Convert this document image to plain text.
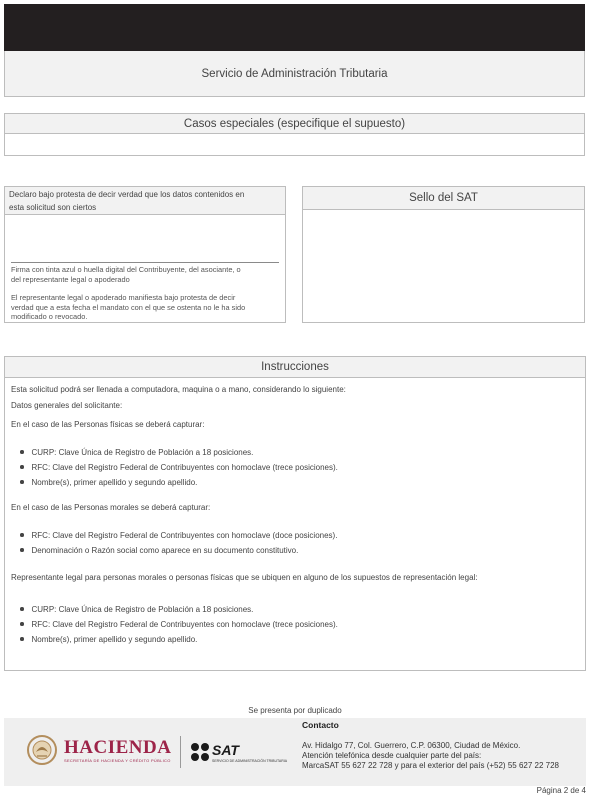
Servicio de Administración Tributaria
Casos especiales (especifique el supuesto)
Declaro bajo protesta de decir verdad que los datos contenidos en
esta solicitud son ciertos
Firma con tinta azul o huella digital del Contribuyente, del asociante, o
del representante legal o apoderado
El representante legal o apoderado manifiesta bajo protesta de decir
verdad que a esta fecha el mandato con el que se ostenta no le ha sido
modificado o revocado.
Sello del SAT
Instrucciones
Esta solicitud podrá ser llenada a computadora, maquina o a mano, considerando lo siguiente:
Datos generales del solicitante:
En el caso de las Personas físicas se deberá capturar:
CURP: Clave Única de Registro de Población a 18 posiciones.
RFC: Clave del Registro Federal de Contribuyentes con homoclave (trece posiciones).
Nombre(s), primer apellido y segundo apellido.
En el caso de las Personas morales se deberá capturar:
RFC: Clave del Registro Federal de Contribuyentes con homoclave (doce posiciones).
Denominación o Razón social como aparece en su documento constitutivo.
Representante legal para personas morales o personas físicas que se ubiquen en alguno de los supuestos de representación legal:
CURP: Clave Única de Registro de Población a 18 posiciones.
RFC: Clave del Registro Federal de Contribuyentes con homoclave (trece posiciones).
Nombre(s), primer apellido y segundo apellido.
Se presenta por duplicado
HACIENDA
SECRETARÍA DE HACIENDA Y CRÉDITO PÚBLICO
SAT
SERVICIO DE ADMINISTRACIÓN TRIBUTARIA
Contacto
Av. Hidalgo 77, Col. Guerrero, C.P. 06300, Ciudad de México.
Atención telefónica desde cualquier parte del país:
MarcaSAT 55 627 22 728 y para el exterior del país (+52) 55 627 22 728
Página 2 de 4
